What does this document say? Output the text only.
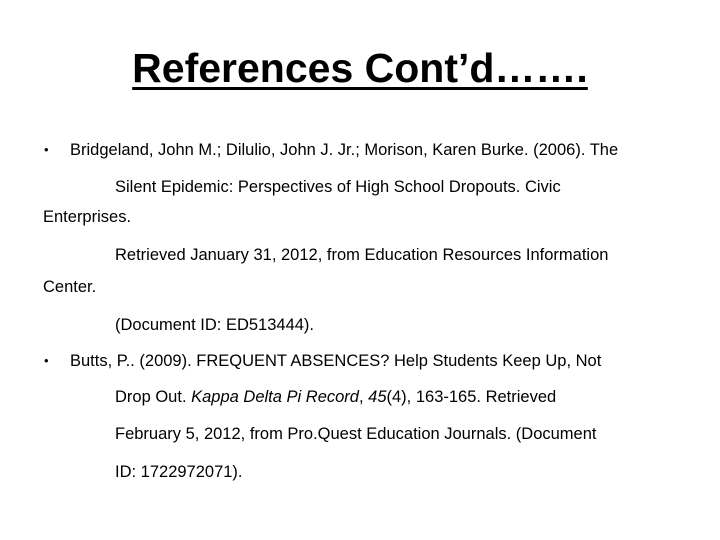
References Cont’d…….
• Bridgeland, John M.; Dilulio, John J. Jr.; Morison, Karen Burke. (2006). The
Silent Epidemic: Perspectives of High School Dropouts. Civic
Enterprises.
Retrieved January 31, 2012, from Education Resources Information
Center.
(Document ID: ED513444).
• Butts, P.. (2009). FREQUENT ABSENCES? Help Students Keep Up, Not
Drop Out. Kappa Delta Pi Record, 45(4), 163-165. Retrieved
February 5, 2012, from Pro.Quest Education Journals. (Document
ID: 1722972071).
